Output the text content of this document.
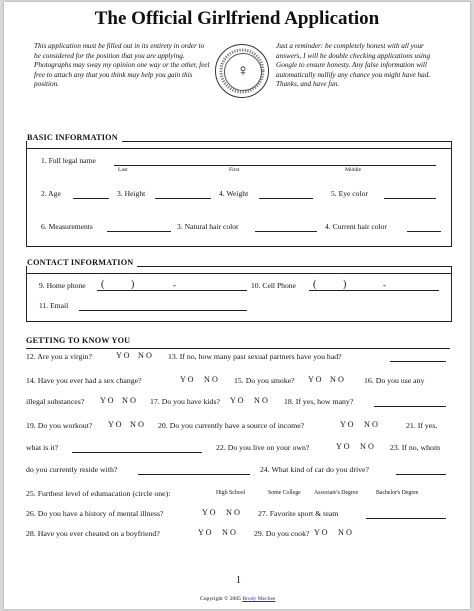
The Official Girlfriend Application
This application must be filled out in its entirety in order to be considered for the position that you are applying. Photographs may sway my opinion one way or the other, feel free to attach any that you think may help you gain this position.
♀
Just a reminder: be completely honest with all your answers, I will be double checking applications using Google to ensure honesty. Any false information will automatically nullify any chance you might have had. Thanks, and have fun.
BASIC INFORMATION
1. Full legal name
Last	First	Middle
2. Age	3. Height	4. Weight	5. Eye color
6. Measurements	3. Natural hair color	4. Current hair color
CONTACT INFORMATION
9. Home phone (	)	-	10. Cell Phone (	)	-
11. Email
GETTING TO KNOW YOU
12. Are you a virgin?	Y O N O 13. If no, how many past sexual partners have you had?
14. Have you ever had a sex change?	Y O N O 15. Do you smoke? Y O N O	16. Do you use any
illegal substances? Y O N O 17. Do you have kids? Y O N O 18. If yes, how many?
19. Do you workout? Y O N O 20. Do you currently have a source of income?	Y O N O	21. If yes,
what is it?	22. Do you live on your own?	Y O N O 23. If no, whom
do you currently reside with?	24. What kind of car do you drive?
25. Furthest level of edumacation (circle one):	High School	Some College Associate's Degree	Bachelor's Degree
26. Do you have a history of mental illness?	Y O N O 27. Favorite sport & team
28. Have you ever cheated on a boyfriend?	Y O N O 29. Do you cook? Y O N O
1
Copyright © 2005 Brody Mechee
